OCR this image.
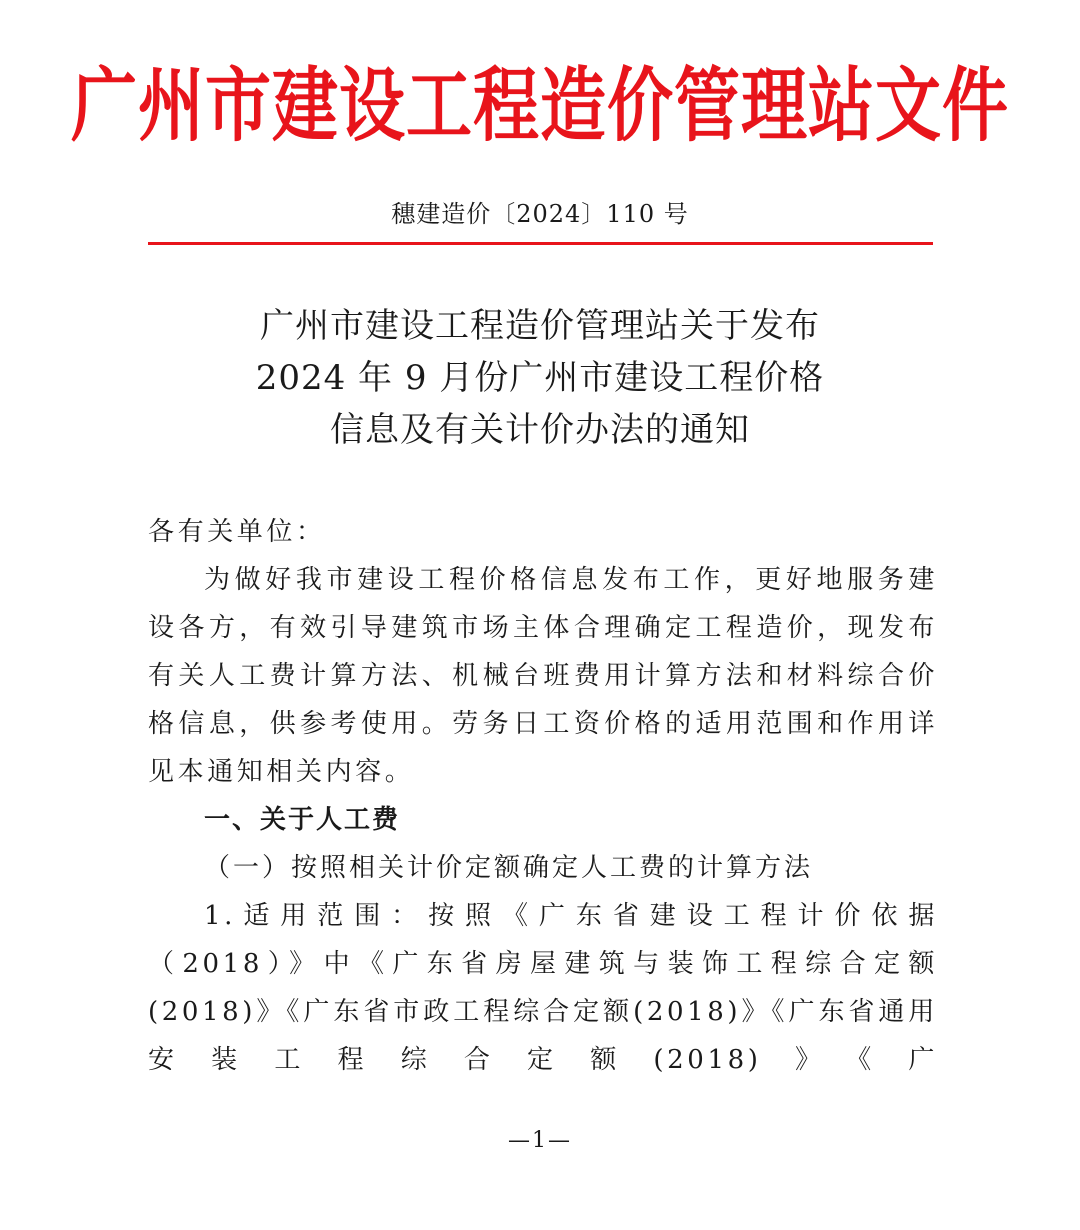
广州市建设工程造价管理站文件
穗建造价〔2024〕110 号
广州市建设工程造价管理站关于发布
2024 年 9 月份广州市建设工程价格
信息及有关计价办法的通知

各有关单位：

为做好我市建设工程价格信息发布工作，更好地服务建设各方，有效引导建筑市场主体合理确定工程造价，现发布有关人工费计算方法、机械台班费用计算方法和材料综合价格信息，供参考使用。劳务日工资价格的适用范围和作用详见本通知相关内容。

一、关于人工费

（一）按照相关计价定额确定人工费的计算方法

1.适用范围：按照《广东省建设工程计价依据（2018）》中《广东省房屋建筑与装饰工程综合定额(2018)》《广东省市政工程综合定额(2018)》《广东省通用安装工程综合定额(2018)》《广

—1—
